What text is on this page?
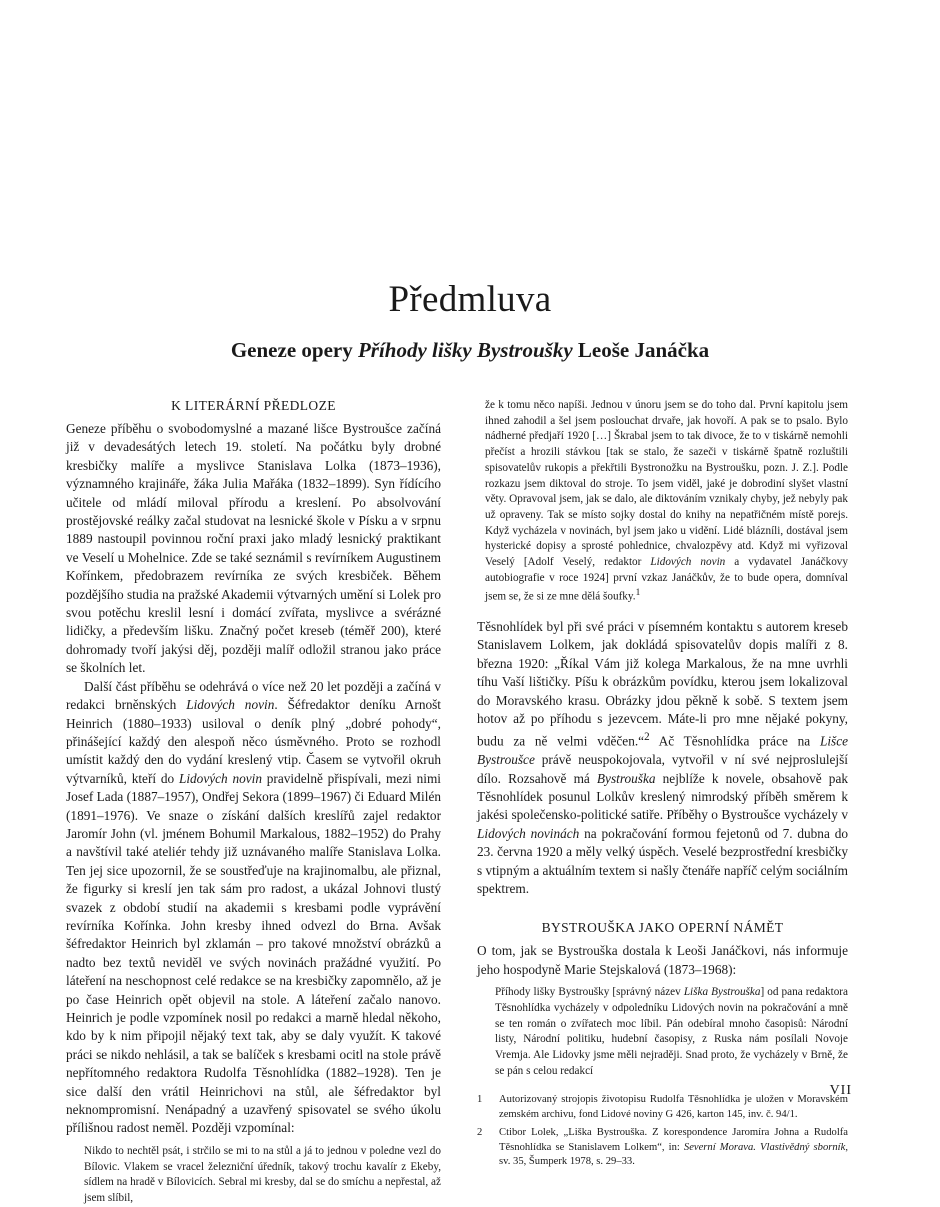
Předmluva
Geneze opery Příhody lišky Bystroušky Leoše Janáčka
K LITERÁRNÍ PŘEDLOZE

Geneze příběhu o svobodomyslné a mazané lišce Bystroušce začíná již v devadesátých letech 19. století. Na počátku byly drobné kresbičky malíře a myslivce Stanislava Lolka (1873–1936), významného krajináře, žáka Julia Mařáka (1832–1899). Syn řídícího učitele od mládí miloval přírodu a kreslení. Po absolvování prostějovské reálky začal studovat na lesnické škole v Písku a v srpnu 1889 nastoupil povinnou roční praxi jako mladý lesnický praktikant ve Veselí u Mohelnice. Zde se také seznámil s revírníkem Augustinem Kořínkem, předobrazem revírníka ze svých kresbiček. Během pozdějšího studia na pražské Akademii výtvarných umění si Lolek pro svou potěchu kreslil lesní i domácí zvířata, myslivce a svérázné lidičky, a především lišku. Značný počet kreseb (téměř 200), které dohromady tvoří jakýsi děj, později malíř odložil stranou jako práce se školních let.

Další část příběhu se odehrává o více než 20 let později a začíná v redakci brněnských Lidových novin. Šéfredaktor deníku Arnošt Heinrich (1880–1933) usiloval o deník plný „dobré pohody“, přinášející každý den alespoň něco úsměvného. Proto se rozhodl umístit každý den do vydání kreslený vtip. Časem se vytvořil okruh výtvarníků, kteří do Lidových novin pravidelně přispívali, mezi nimi Josef Lada (1887–1957), Ondřej Sekora (1899–1967) či Eduard Milén (1891–1976). Ve snaze o získání dalších kreslířů zajel redaktor Jaromír John (vl. jménem Bohumil Markalous, 1882–1952) do Prahy a navštívil také ateliér tehdy již uznávaného malíře Stanislava Lolka. Ten jej sice upozornil, že se soustřeďuje na krajinomalbu, ale přiznal, že figurky si kreslí jen tak sám pro radost, a ukázal Johnovi tlustý svazek z období studií na akademii s kresbami podle vyprávění revírníka Kořínka. John kresby ihned odvezl do Brna. Avšak šéfredaktor Heinrich byl zklamán – pro takové množství obrázků a nadto bez textů neviděl ve svých novinách pražádné využití. Po láteření na neschopnost celé redakce se na kresbičky zapomnělo, až je po čase Heinrich opět objevil na stole. A láteření začalo nanovo. Heinrich je podle vzpomínek nosil po redakci a marně hledal někoho, kdo by k nim připojil nějaký text tak, aby se daly využít. K takové práci se nikdo nehlásil, a tak se balíček s kresbami ocitl na stole právě nepřítomného redaktora Rudolfa Těsnohlídka (1882–1928). Ten je sice další den vrátil Heinrichovi na stůl, ale šéfredaktor byl neknompromisní. Nenápadný a uzavřený spisovatel se svého úkolu přílišnou radost neměl. Později vzpomínal:

Nikdo to nechtěl psát, i strčilo se mi to na stůl a já to jednou v poledne vezl do Bílovic. Vlakem se vracel železniční úředník, takový trochu kavalír z Ekeby, sídlem na hradě v Bílovicích. Sebral mi kresby, dal se do smíchu a nepřestal, až jsem slíbil,

že k tomu něco napíši. Jednou v únoru jsem se do toho dal. První kapitolu jsem ihned zahodil a šel jsem poslouchat drvaře, jak hovoří. A pak se to psalo. Bylo nádherné předjaří 1920 […] Škrabal jsem to tak divoce, že to v tiskárně nemohli přečíst a hrozili stávkou [tak se stalo, že sazeči v tiskárně špatně rozluštili spisovatelův rukopis a překřtili Bystronožku na Bystroušku, pozn. J. Z.]. Podle rozkazu jsem diktoval do stroje. To jsem viděl, jaké je dobrodiní slyšet vlastní věty. Opravoval jsem, jak se dalo, ale diktováním vznikaly chyby, jež nebyly pak už opraveny. Tak se místo sojky dostal do knihy na nepatřičném místě porejs. Když vycházela v novinách, byl jsem jako u vidění. Lidé blázníli, dostával jsem hysterické dopisy a sprosté pohlednice, chvalozpěvy atd. Když mi vyřizoval Veselý [Adolf Veselý, redaktor Lidových novin a vydavatel Janáčkovy autobiografie v roce 1924] první vzkaz Janáčkův, že to bude opera, domníval jsem se, že si ze mne dělá šoufky.$^1$

Těsnohlídek byl při své práci v písemném kontaktu s autorem kreseb Stanislavem Lolkem, jak dokládá spisovatelův dopis malíři z 8. března 1920: „Říkal Vám již kolega Markalous, že na mne uvrhli tíhu Vaší lištičky. Píšu k obrázkům povídku, kterou jsem lokalizoval do Moravského krasu. Obrázky jdou pěkně k sobě. S textem jsem hotov až po příhodu s jezevcem. Máte-li pro mne nějaké pokyny, budu za ně velmi vděčen.“$^2$ Ač Těsnohlídka práce na Lišce Bystroušce právě neuspokojovala, vytvořil v ní své nejproslulejší dílo. Rozsahově má Bystrouška nejblíže k novele, obsahově pak Těsnohlídek posunul Lolkův kreslený nimrodský příběh směrem k jakési společensko-politické satiře. Příběhy o Bystroušce vycházely v Lidových novinách na pokračování formou fejetonů od 7. dubna do 23. června 1920 a měly velký úspěch. Veselé bezprostřední kresbičky s vtipným a aktuálním textem si našly čtenáře napříč celým sociálním spektrem.

BYSTROUŠKA JAKO OPERNÍ NÁMĚT

O tom, jak se Bystrouška dostala k Leoši Janáčkovi, nás informuje jeho hospodyně Marie Stejskalová (1873–1968):

Příhody lišky Bystroušky [správný název Liška Bystrouška] od pana redaktora Těsnohlídka vycházely v odpoledníku Lidových novin na pokračování a mně se ten román o zvířatech moc líbil. Pán odebíral mnoho časopisů: Národní listy, Národní politiku, hudební časopisy, z Ruska nám posílali Novoje Vremja. Ale Lidovky jsme měli nejraději. Snad proto, že vycházely v Brně, že se pán s celou redakcí

1	Autorizovaný strojopis životopisu Rudolfa Těsnohlídka je uložen v Moravském zemském archivu, fond Lidové noviny G 426, karton 145, inv. č. 94/1.
2	Ctibor Lolek, „Liška Bystrouška. Z korespondence Jaromíra Johna a Rudolfa Těsnohlídka se Stanislavem Lolkem“, in: Severní Morava. Vlastivědný sborník, sv. 35, Šumperk 1978, s. 29–33.
VII
